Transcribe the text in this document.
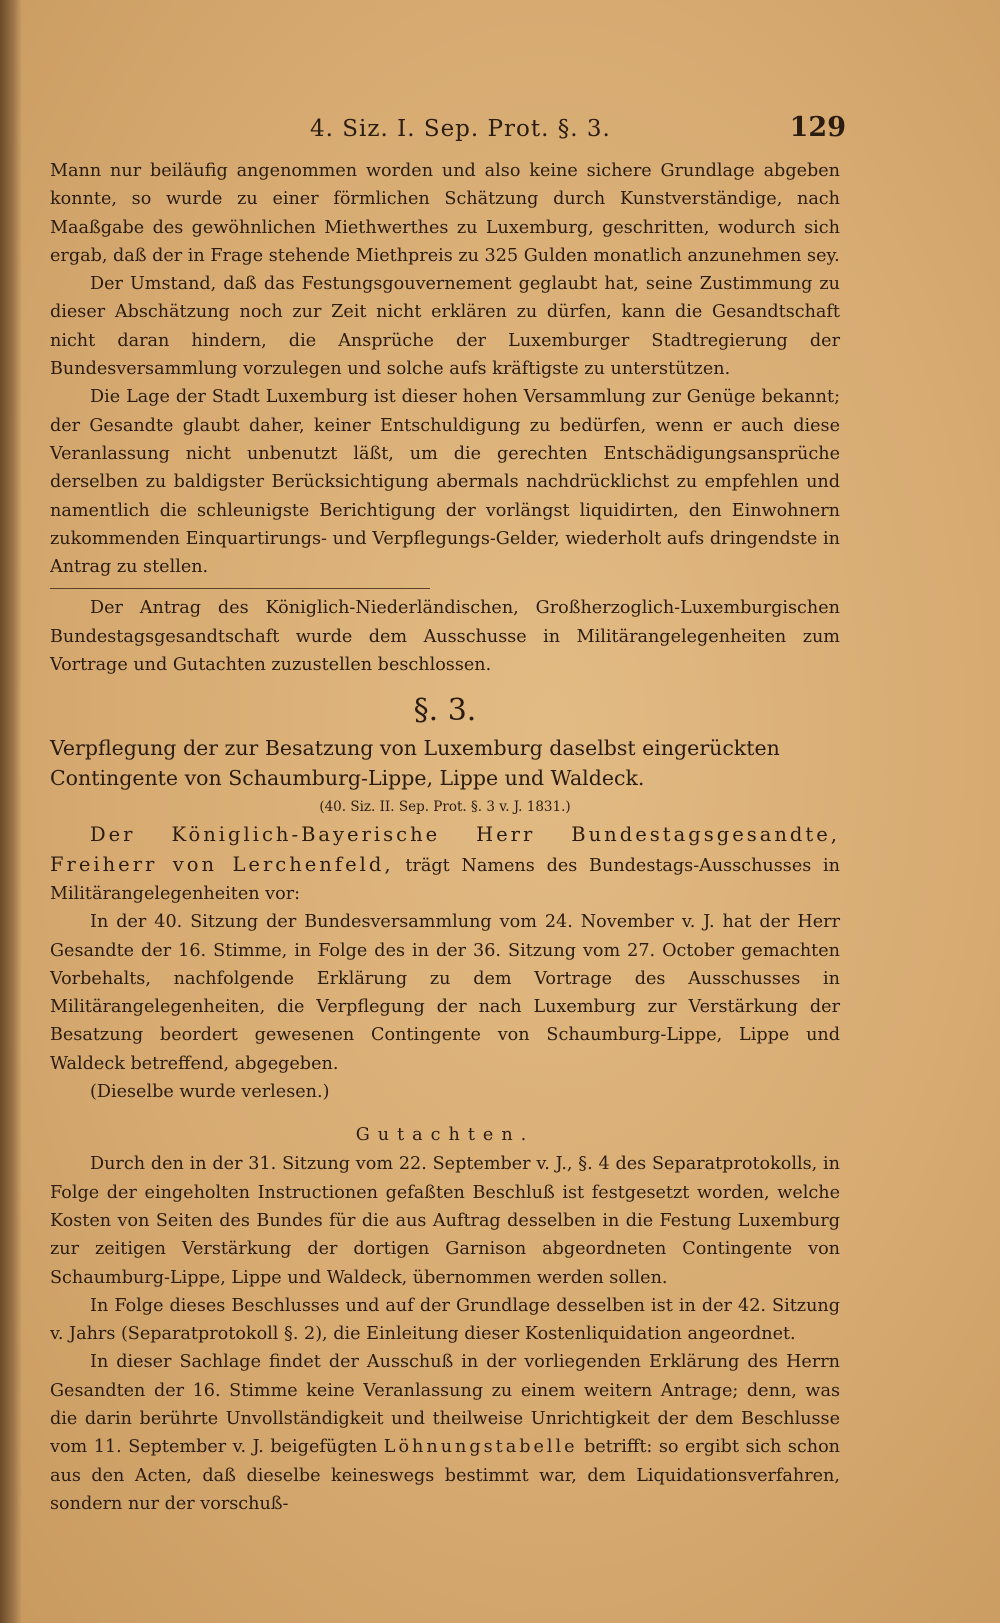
4. Siz. I. Sep. Prot. §. 3.	129

Mann nur beiläufig angenommen worden und also keine sichere Grundlage abgeben konnte, so wurde zu einer förmlichen Schätzung durch Kunstverständige, nach Maaßgabe des gewöhnlichen Miethwerthes zu Luxemburg, geschritten, wodurch sich ergab, daß der in Frage stehende Miethpreis zu 325 Gulden monatlich anzunehmen sey.

Der Umstand, daß das Festungsgouvernement geglaubt hat, seine Zustimmung zu dieser Abschätzung noch zur Zeit nicht erklären zu dürfen, kann die Gesandtschaft nicht daran hindern, die Ansprüche der Luxemburger Stadtregierung der Bundesversammlung vorzulegen und solche aufs kräftigste zu unterstützen.

Die Lage der Stadt Luxemburg ist dieser hohen Versammlung zur Genüge bekannt; der Gesandte glaubt daher, keiner Entschuldigung zu bedürfen, wenn er auch diese Veranlassung nicht unbenutzt läßt, um die gerechten Entschädigungsansprüche derselben zu baldigster Berücksichtigung abermals nachdrücklichst zu empfehlen und namentlich die schleunigste Berichtigung der vorlängst liquidirten, den Einwohnern zukommenden Einquartirungs- und Verpflegungs-Gelder, wiederholt aufs dringendste in Antrag zu stellen.

Der Antrag des Königlich-Niederländischen, Großherzoglich-Luxemburgischen Bundestagsgesandtschaft wurde dem Ausschusse in Militärangelegenheiten zum Vortrage und Gutachten zuzustellen beschlossen.

§. 3.

Verpflegung der zur Besatzung von Luxemburg daselbst eingerückten Contingente von Schaumburg-Lippe, Lippe und Waldeck.

(40. Siz. II. Sep. Prot. §. 3 v. J. 1831.)

Der Königlich-Bayerische Herr Bundestagsgesandte, Freiherr von Lerchenfeld, trägt Namens des Bundestags-Ausschusses in Militärangelegenheiten vor:

In der 40. Sitzung der Bundesversammlung vom 24. November v. J. hat der Herr Gesandte der 16. Stimme, in Folge des in der 36. Sitzung vom 27. October gemachten Vorbehalts, nachfolgende Erklärung zu dem Vortrage des Ausschusses in Militärangelegenheiten, die Verpflegung der nach Luxemburg zur Verstärkung der Besatzung beordert gewesenen Contingente von Schaumburg-Lippe, Lippe und Waldeck betreffend, abgegeben.

(Dieselbe wurde verlesen.)

Gutachten.

Durch den in der 31. Sitzung vom 22. September v. J., §. 4 des Separatprotokolls, in Folge der eingeholten Instructionen gefaßten Beschluß ist festgesetzt worden, welche Kosten von Seiten des Bundes für die aus Auftrag desselben in die Festung Luxemburg zur zeitigen Verstärkung der dortigen Garnison abgeordneten Contingente von Schaumburg-Lippe, Lippe und Waldeck, übernommen werden sollen.

In Folge dieses Beschlusses und auf der Grundlage desselben ist in der 42. Sitzung v. Jahrs (Separatprotokoll §. 2), die Einleitung dieser Kostenliquidation angeordnet.

In dieser Sachlage findet der Ausschuß in der vorliegenden Erklärung des Herrn Gesandten der 16. Stimme keine Veranlassung zu einem weitern Antrage; denn, was die darin berührte Unvollständigkeit und theilweise Unrichtigkeit der dem Beschlusse vom 11. September v. J. beigefügten Löhnungstabelle betrifft: so ergibt sich schon aus den Acten, daß dieselbe keineswegs bestimmt war, dem Liquidationsverfahren, sondern nur der vorschuß-
